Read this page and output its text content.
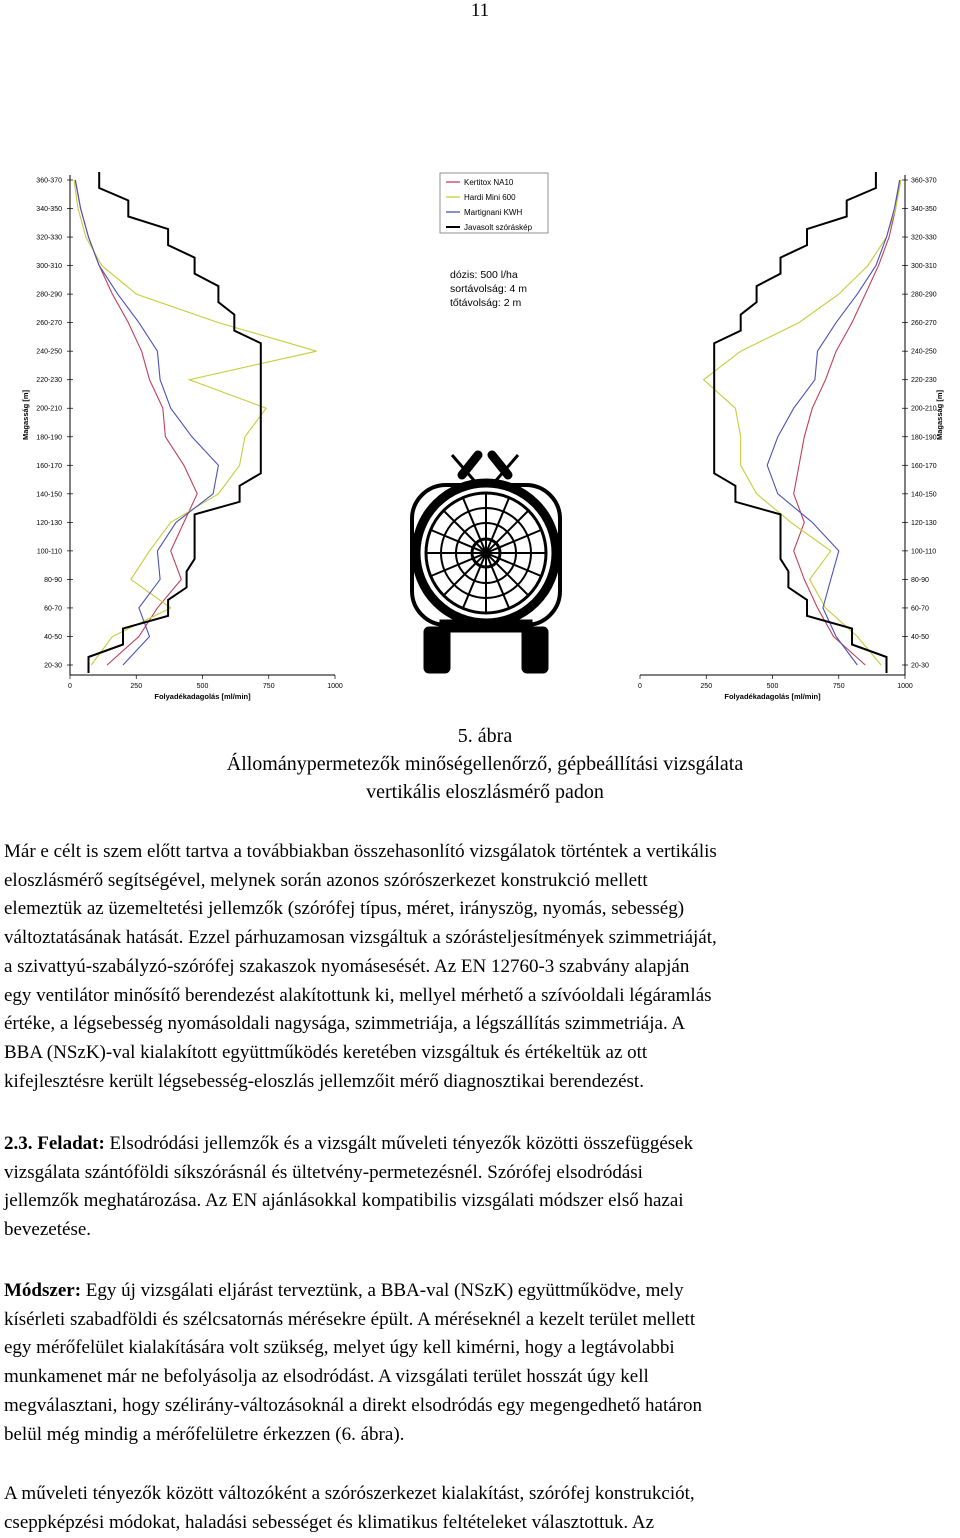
11
360-370
340-350
320-330
300-310
280-290
260-270
240-250
220-230
200-210
180-190
160-170
140-150
120-130
100-110
80-90
60-70
40-50
20-30
0	250	500	750	1000
Folyadékadagolás [ml/min]
Magasság [m]
360-370
340-350
320-330
300-310
280-290
260-270
240-250
220-230
200-210
180-190
160-170
140-150
120-130
100-110
80-90
60-70
40-50
20-30
1000
750
500
250
0
Folyadékadagolás [ml/min]
Magasság [m]
Kertitox NA10
Hardi Mini 600
Martignani KWH
Javasolt szóráskép
dózis: 500 l/ha
sortávolság: 4 m
tőtávolság: 2 m
5. ábra
Állománypermetezők minőségellenőrző, gépbeállítási vizsgálata
vertikális eloszlásmérő padon
Már e célt is szem előtt tartva a továbbiakban összehasonlító vizsgálatok történtek a vertikális
eloszlásmérő segítségével, melynek során azonos szórószerkezet konstrukció mellett
elemeztük az üzemeltetési jellemzők (szórófej típus, méret, irányszög, nyomás, sebesség)
változtatásának hatását. Ezzel párhuzamosan vizsgáltuk a szórásteljesítmények szimmetriáját,
a szivattyú-szabályzó-szórófej szakaszok nyomásesését. Az EN 12760-3 szabvány alapján
egy ventilátor minősítő berendezést alakítottunk ki, mellyel mérhető a szívóoldali légáramlás
értéke, a légsebesség nyomásoldali nagysága, szimmetriája, a légszállítás szimmetriája. A
BBA (NSzK)-val kialakított együttműködés keretében vizsgáltuk és értékeltük az ott
kifejlesztésre került légsebesség-eloszlás jellemzőit mérő diagnosztikai berendezést.
2.3. Feladat: Elsodródási jellemzők és a vizsgált műveleti tényezők közötti összefüggések
vizsgálata szántóföldi síkszórásnál és ültetvény-permetezésnél. Szórófej elsodródási
jellemzők meghatározása. Az EN ajánlásokkal kompatibilis vizsgálati módszer első hazai
bevezetése.
Módszer: Egy új vizsgálati eljárást terveztünk, a BBA-val (NSzK) együttműködve, mely
kísérleti szabadföldi és szélcsatornás mérésekre épült. A méréseknél a kezelt terület mellett
egy mérőfelület kialakítására volt szükség, melyet úgy kell kimérni, hogy a legtávolabbi
munkamenet már ne befolyásolja az elsodródást. A vizsgálati terület hosszát úgy kell
megválasztani, hogy szélirány-változásoknál a direkt elsodródás egy megengedhető határon
belül még mindig a mérőfelületre érkezzen (6. ábra).
A műveleti tényezők között változóként a szórószerkezet kialakítást, szórófej konstrukciót,
cseppképzési módokat, haladási sebességet és klimatikus feltételeket választottuk. Az
